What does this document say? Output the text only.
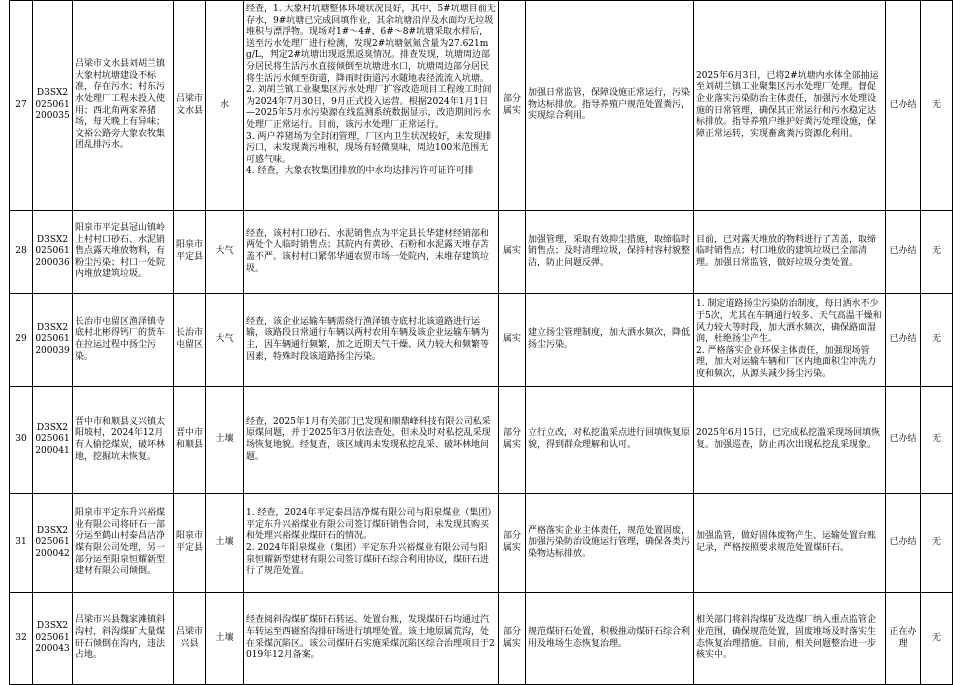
27	D3SX2025061200035	吕梁市文水县刘胡兰镇大象村坑塘建设不标准，存在污水；村东污水处理厂工程未投入使用；西北角两家养猪场，每天晚上有异味；文裕公路旁大象农牧集团乱排污水。	吕梁市文水县	水	经查，1. 大象村坑塘整体环境状况良好，其中，5#坑塘目前无存水，9#坑塘已完成回填作业，其余坑塘沿岸及水面均无垃圾堆积与漂浮物。现场对1#～4#、6#～8#坑塘采取水样后，送至污水处理厂进行检测，发现2#坑塘氨氮含量为27.621mg/L，判定2#坑塘出现返黑返臭情况。排查发现，坑塘周边部分居民将生活污水直接倾倒至坑塘进水口，坑塘周边部分居民将生活污水倾至街道，降雨时街道污水随地表径流流入坑塘。

2. 刘胡兰镇工业聚集区污水处理厂扩容改造项目工程竣工时间为2024年7月30日，9月正式投入运营。根据2024年1月1日—2025年5月水污染源在线监测系统数据显示，改造期间污水处理厂正常运行。目前，该污水处理厂正常运行。

3. 两户养猪场为全封闭管理，厂区内卫生状况较好，未发现排污口，未发现粪污堆积，现场有轻微臭味，周边100米范围无可感气味。

4. 经查，大象农牧集团排放的中水均达排污许可证许可排	部分属实	加强日常监管，保障设施正常运行，污染物达标排放。指导养殖户规范处置粪污，实现综合利用。	2025年6月3日，已将2#坑塘内水体全部抽运至刘胡兰镇工业聚集区污水处理厂处理。督促企业落实污染防治主体责任，加强污水处理设施的日常管理，确保其正常运行和污水稳定达标排放。指导养殖户维护好粪污处理设施，保障正常运转，实现畜禽粪污资源化利用。	已办结	无
28	D3SX2025061200036	阳泉市平定县冠山镇岭上村村口砂石、水泥销售点露天堆放物料，有粉尘污染；村口一处院内堆放建筑垃圾。	阳泉市平定县	大气	经查，该村村口砂石、水泥销售点为平定县长华建材经销部和两处个人临时销售点；其院内有黄砂、石粉和水泥露天堆存苫盖不严。该村村口紧邻华通农贸市场一处院内，未堆存建筑垃圾。	属实	加强管理，采取有效抑尘措施，取缔临时销售点；及时清理垃圾，保持村容村貌整洁，防止问题反弹。	目前，已对露天堆放的物料进行了苫盖，取缔临时销售点；村口堆放的建筑垃圾已全部清理。加强日常监管，做好垃圾分类处置。	已办结	无
29	D3SX2025061200039	长治市屯留区渔泽镇寺底村北彬得钙厂的货车在拉运过程中扬尘污染。	长治市屯留区	大气	经查，该企业运输车辆需绕行渔泽镇寺底村北该道路进行运输，该路段日常通行车辆以两村农用车辆及该企业运输车辆为主，因车辆通行频繁，加之近期天气干燥、风力较大和频繁等因素，特殊时段该道路扬尘污染。	属实	建立扬尘管理制度，加大洒水频次，降低扬尘污染。	1. 制定道路扬尘污染防治制度，每日洒水不少于5次，尤其在车辆通行较多、天气高温干燥和风力较大等时段，加大洒水频次，确保路面湿润，杜绝扬尘产生。
2. 严格落实企业环保主体责任，加强现场管理，加大对运输车辆和厂区内地面积尘冲洗力度和频次，从源头减少扬尘污染。	已办结	无
30	D3SX2025061200041	晋中市和顺县义兴镇太阳坡村，2024年12月有人偷挖煤炭，破坏林地，挖掘坑未恢复。	晋中市和顺县	土壤	经查，2025年1月有关部门已发现和顺鼎峰科技有限公司私采原煤问题，并于2025年3月依法查处，但未及时对私挖乱采现场恢复地貌。经复查，该区域再未发现私挖乱采、破坏林地问题。	部分属实	立行立改，对私挖滥采点进行回填恢复原貌，得到群众理解和认可。	2025年6月15日，已完成私挖滥采现场回填恢复。加强巡查，防止再次出现私挖乱采现象。	已办结	无
31	D3SX2025061200042	阳泉市平定东升兴裕煤业有限公司将矸石一部分运至鹤山村泰昌洁净煤有限公司处理，另一部分运至阳泉恒耀新型建材有限公司倾倒。	阳泉市平定县	土壤	1. 经查，2024年平定泰昌洁净煤有限公司与阳泉煤业（集团）平定东升兴裕煤业有限公司签订煤矸销售合同，未发现其购买和处理兴裕煤业煤矸石的情况。

2. 2024年阳泉煤业（集团）平定东升兴裕煤业有限公司与阳泉恒耀新型建材有限公司签订煤矸石综合利用协议，煤矸石进行了规范处置。	部分属实	严格落实企业主体责任，规范处置固废，加强污染防治设施运行管理，确保各类污染物达标排放。	加强监管，做好固体废物产生、运输处置台账记录，严格按照要求规范处置煤矸石。	已办结	无
32	D3SX2025061200043	吕梁市兴县魏家滩镇斜沟村，斜沟煤矿大量煤矸石倾倒在沟内，违法占地。	吕梁市兴县	土壤	经查阅斜沟煤矿煤矸石转运、处置台账，发现煤矸石均通过汽车转运至西磁窑沟排矸场进行填埋处置。该土地原属荒沟，处在采煤沉陷区。该公司煤矸石实施采煤沉陷区综合治理项目于2019年12月备案。	部分属实	规范煤矸石处置，积极推动煤矸石综合利用及堆场生态恢复治理。	相关部门将斜沟煤矿及选煤厂纳入重点监管企业范围，确保规范处置，固废堆场及时落实生态恢复治理措施。目前，相关问题整治进一步核实中。	正在办理	无
